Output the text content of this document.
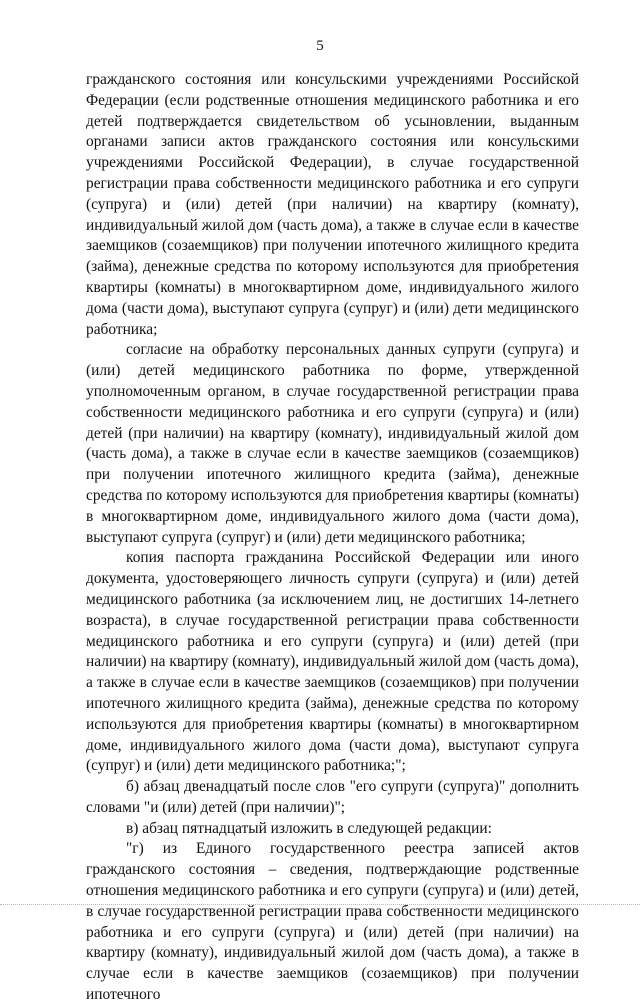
5

гражданского состояния или консульскими учреждениями Российской Федерации (если родственные отношения медицинского работника и его детей подтверждается свидетельством об усыновлении, выданным органами записи актов гражданского состояния или консульскими учреждениями Российской Федерации), в случае государственной регистрации права собственности медицинского работника и его супруги (супруга) и (или) детей (при наличии) на квартиру (комнату), индивидуальный жилой дом (часть дома), а также в случае если в качестве заемщиков (созаемщиков) при получении ипотечного жилищного кредита (займа), денежные средства по которому используются для приобретения квартиры (комнаты) в многоквартирном доме, индивидуального жилого дома (части дома), выступают супруга (супруг) и (или) дети медицинского работника;

согласие на обработку персональных данных супруги (супруга) и (или) детей медицинского работника по форме, утвержденной уполномоченным органом, в случае государственной регистрации права собственности медицинского работника и его супруги (супруга) и (или) детей (при наличии) на квартиру (комнату), индивидуальный жилой дом (часть дома), а также в случае если в качестве заемщиков (созаемщиков) при получении ипотечного жилищного кредита (займа), денежные средства по которому используются для приобретения квартиры (комнаты) в многоквартирном доме, индивидуального жилого дома (части дома), выступают супруга (супруг) и (или) дети медицинского работника;

копия паспорта гражданина Российской Федерации или иного документа, удостоверяющего личность супруги (супруга) и (или) детей медицинского работника (за исключением лиц, не достигших 14-летнего возраста), в случае государственной регистрации права собственности медицинского работника и его супруги (супруга) и (или) детей (при наличии) на квартиру (комнату), индивидуальный жилой дом (часть дома), а также в случае если в качестве заемщиков (созаемщиков) при получении ипотечного жилищного кредита (займа), денежные средства по которому используются для приобретения квартиры (комнаты) в многоквартирном доме, индивидуального жилого дома (части дома), выступают супруга (супруг) и (или) дети медицинского работника;";

б) абзац двенадцатый после слов "его супруги (супруга)" дополнить словами "и (или) детей (при наличии)";

в) абзац пятнадцатый изложить в следующей редакции:

"г) из Единого государственного реестра записей актов гражданского состояния – сведения, подтверждающие родственные отношения медицинского работника и его супруги (супруга) и (или) детей, в случае государственной регистрации права собственности медицинского работника и его супруги (супруга) и (или) детей (при наличии) на квартиру (комнату), индивидуальный жилой дом (часть дома), а также в случае если в качестве заемщиков (созаемщиков) при получении ипотечного
